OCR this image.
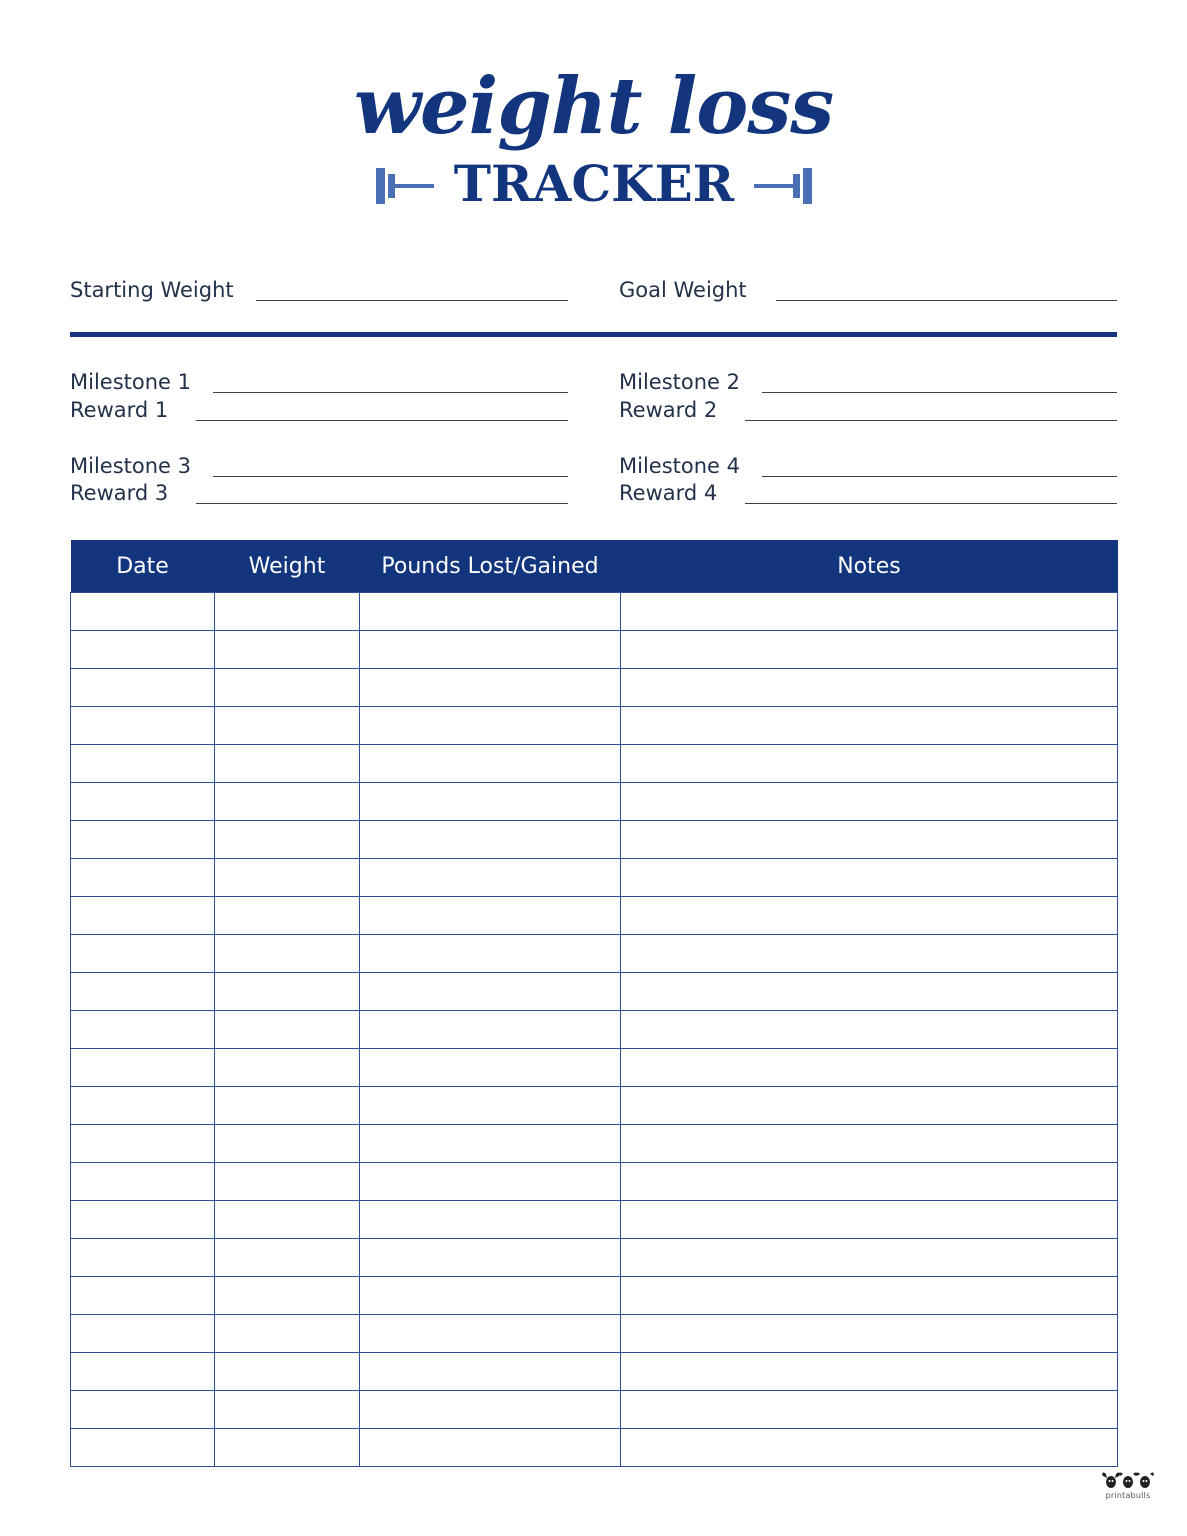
weight loss
TRACKER
Starting Weight	Goal Weight
Milestone 1
Reward 1
Milestone 2
Reward 2
Milestone 3
Reward 3
Milestone 4
Reward 4
Date	Weight	Pounds Lost/Gained	Notes

printabulls
